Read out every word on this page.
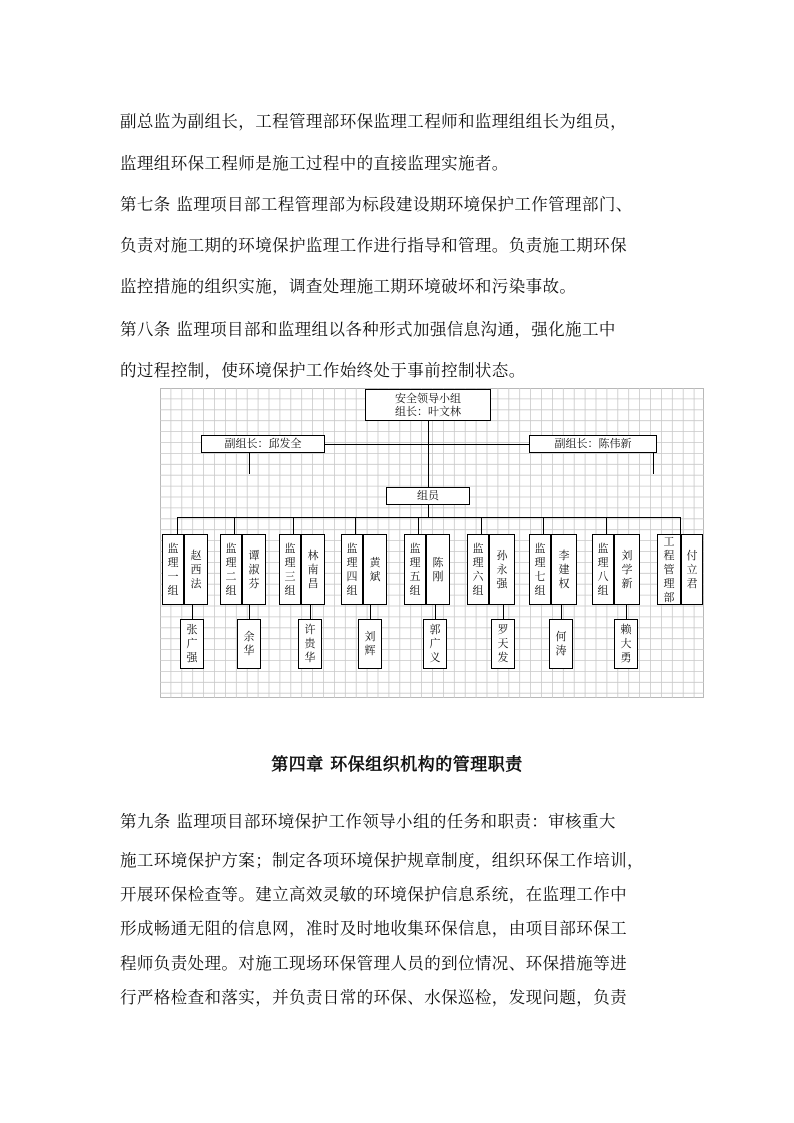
副总监为副组长，工程管理部环保监理工程师和监理组组长为组员，
监理组环保工程师是施工过程中的直接监理实施者。
第七条 监理项目部工程管理部为标段建设期环境保护工作管理部门、
负责对施工期的环境保护监理工作进行指导和管理。负责施工期环保
监控措施的组织实施，调查处理施工期环境破坏和污染事故。
第八条 监理项目部和监理组以各种形式加强信息沟通，强化施工中
的过程控制，使环境保护工作始终处于事前控制状态。
安全领导小组
组长：叶文林
副组长：邱发全	副组长：陈伟新
组员
监理一组
赵西法
监理二组
谭淑芬
监理三组
林南昌
监理四组
黄斌
监理五组
陈刚
监理六组
孙永强
监理七组
李建权
监理八组
刘学新
工程管理部
付立君
张广强
余华
许贵华
刘辉
郭广义
罗天发
何涛
赖大勇
第四章 环保组织机构的管理职责
第九条 监理项目部环境保护工作领导小组的任务和职责：审核重大
施工环境保护方案；制定各项环境保护规章制度，组织环保工作培训，
开展环保检查等。建立高效灵敏的环境保护信息系统，在监理工作中
形成畅通无阻的信息网，准时及时地收集环保信息，由项目部环保工
程师负责处理。对施工现场环保管理人员的到位情况、环保措施等进
行严格检查和落实，并负责日常的环保、水保巡检，发现问题，负责
